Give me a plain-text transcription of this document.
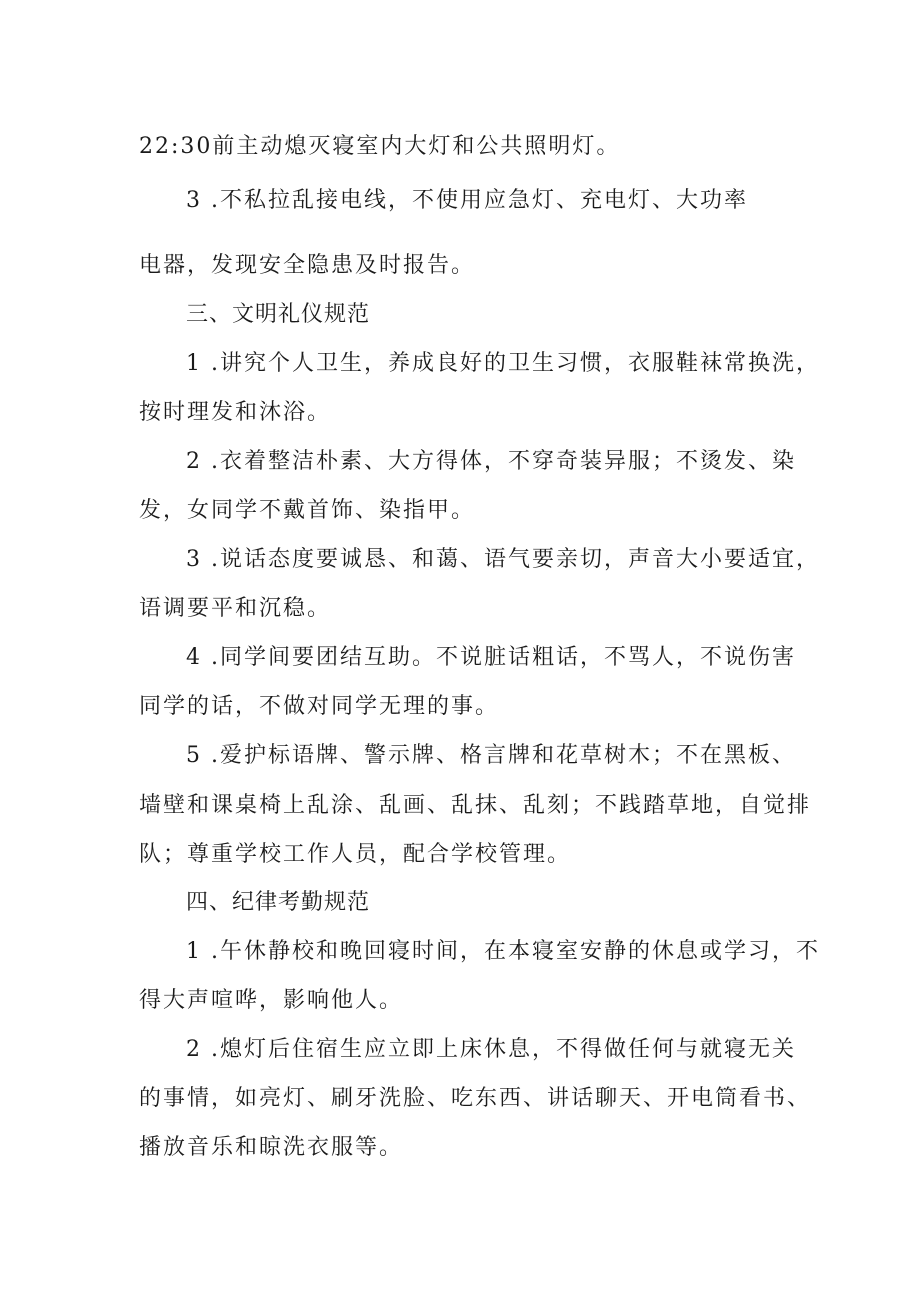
22:30前主动熄灭寝室内大灯和公共照明灯。
3 .不私拉乱接电线，不使用应急灯、充电灯、大功率
电器，发现安全隐患及时报告。
三、文明礼仪规范
1 .讲究个人卫生，养成良好的卫生习惯，衣服鞋袜常换洗，
按时理发和沐浴。
2 .衣着整洁朴素、大方得体，不穿奇装异服；不烫发、染
发，女同学不戴首饰、染指甲。
3 .说话态度要诚恳、和蔼、语气要亲切，声音大小要适宜，
语调要平和沉稳。
4 .同学间要团结互助。不说脏话粗话，不骂人，不说伤害
同学的话，不做对同学无理的事。
5 .爱护标语牌、警示牌、格言牌和花草树木；不在黑板、
墙壁和课桌椅上乱涂、乱画、乱抹、乱刻；不践踏草地，自觉排
队；尊重学校工作人员，配合学校管理。
四、纪律考勤规范
1 .午休静校和晚回寝时间，在本寝室安静的休息或学习，不
得大声喧哗，影响他人。
2 .熄灯后住宿生应立即上床休息，不得做任何与就寝无关
的事情，如亮灯、刷牙洗脸、吃东西、讲话聊天、开电筒看书、
播放音乐和晾洗衣服等。
